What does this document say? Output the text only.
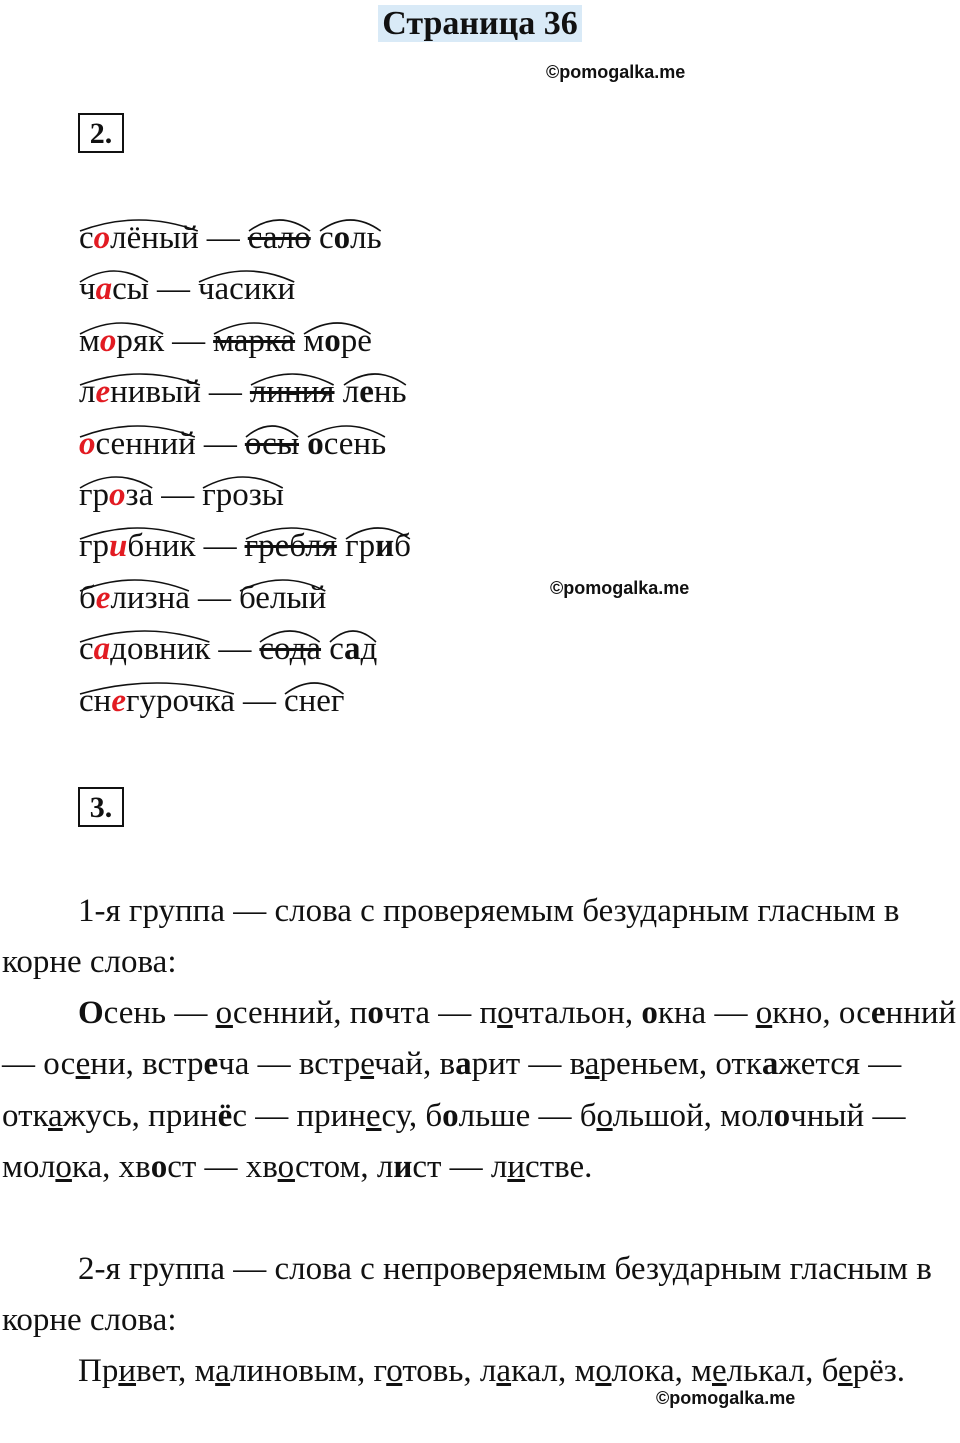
Страница 36
©pomogalka.me
2.
солёный — сало соль
часы — часики
моряк — марка море
ленивый — линия лень
осенний — осы осень
гроза — грозы
грибник — гребля гриб
белизна — белый
садовник — сода сад
снегурочка — снег
©pomogalka.me
3.
1-я группа — слова с проверяемым безударным гласным в корне слова:
Осень — осенний, почта — почтальон, окна — окно, осенний — осени, встреча — встречай, варит — вареньем, откажется — откажусь, принёс — принесу, больше — большой, молочный — молока, хвост — хвостом, лист — листве.
2-я группа — слова с непроверяемым безударным гласным в корне слова:
Привет, малиновым, готовь, лакал, молока, мелькал, берёз.
©pomogalka.me
